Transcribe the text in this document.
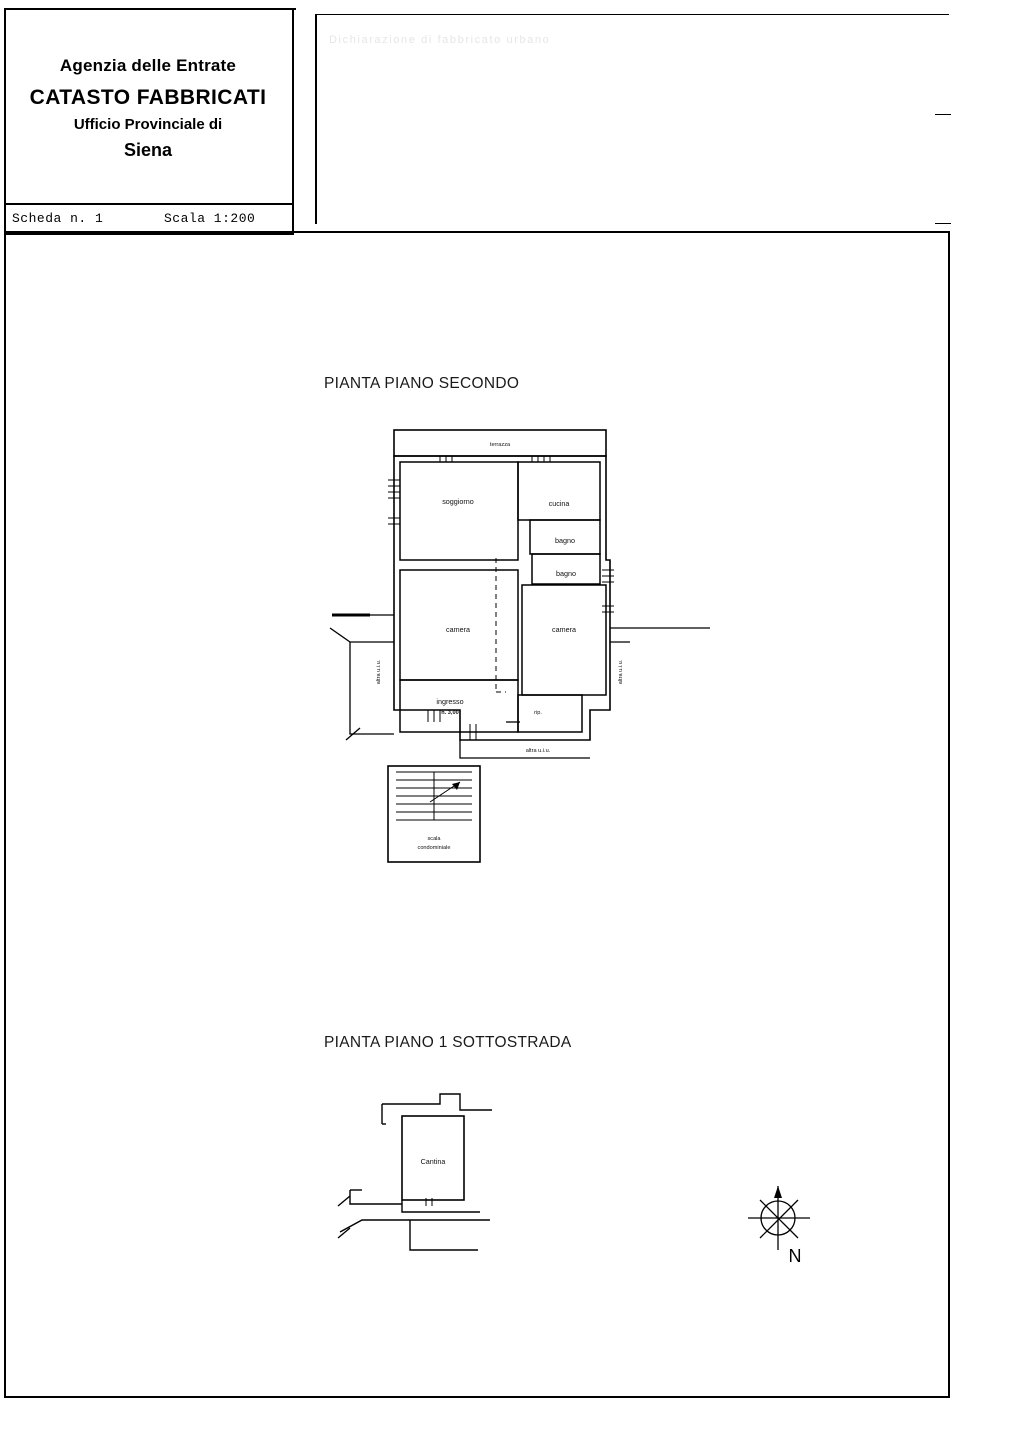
Agenzia delle Entrate
CATASTO FABBRICATI
Ufficio Provinciale di
Siena
Scheda n. 1	Scala 1:200
Dichiarazione di fabbricato urbano
PIANTA PIANO SECONDO
PIANTA PIANO 1 SOTTOSTRADA
terrazza
soggiorno	cucina
bagno
bagno
camera	camera
ingresso
h. 3,00	rip.
altra u.i.u.
altra u.i.u.	altra u.i.u.
scala
condominiale
Cantina
N
